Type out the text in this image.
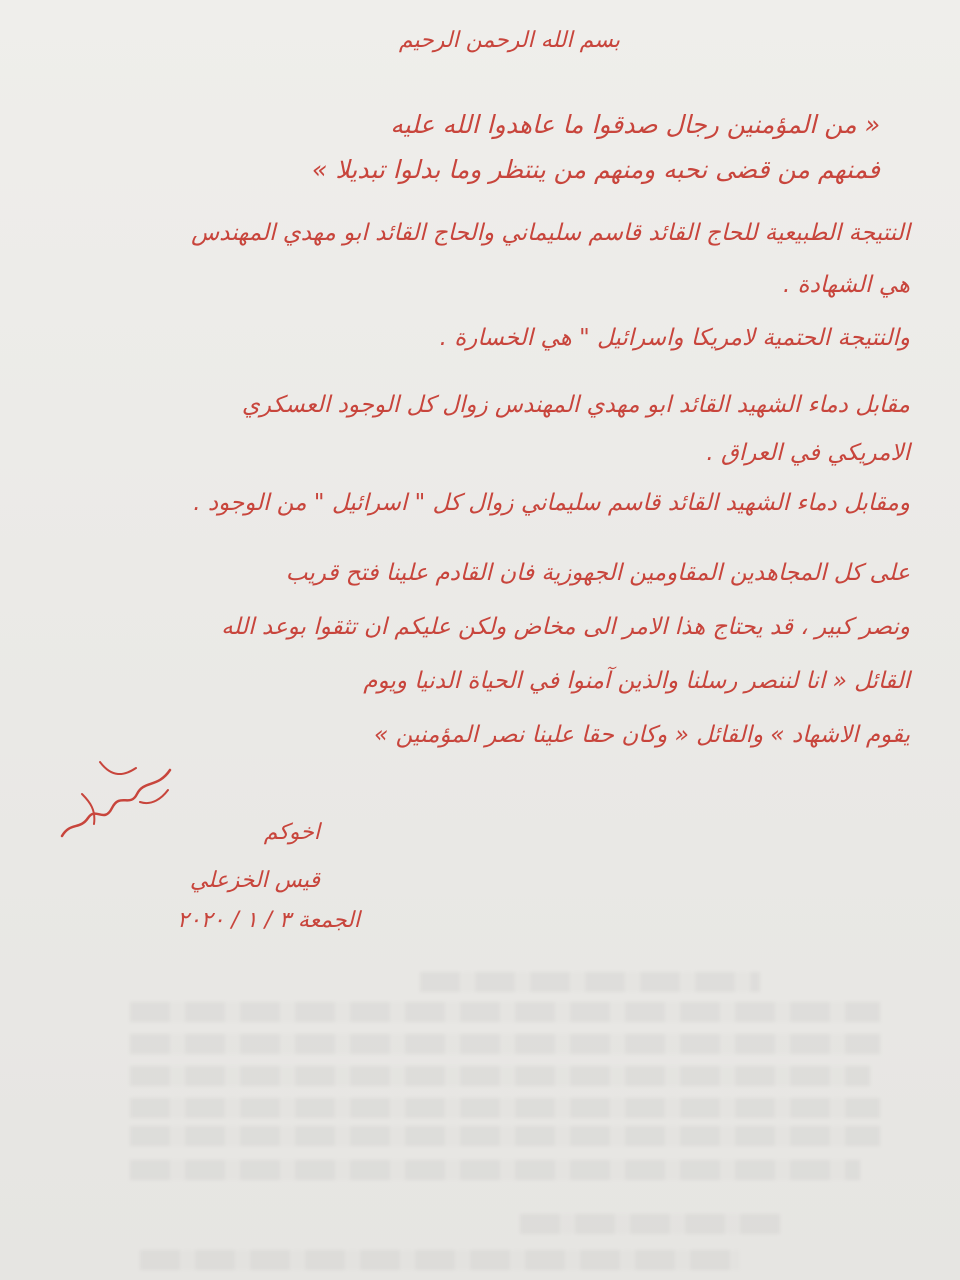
بسم الله الرحمن الرحيم
« من المؤمنين رجال صدقوا ما عاهدوا الله عليه
فمنهم من قضى نحبه ومنهم من ينتظر وما بدلوا تبديلا »
النتيجة الطبيعية للحاج القائد قاسم سليماني والحاج القائد ابو مهدي المهندس
هي الشهادة .
والنتيجة الحتمية لامريكا واسرائيل " هي الخسارة .
مقابل دماء الشهيد القائد ابو مهدي المهندس زوال كل الوجود العسكري
الامريكي في العراق .
ومقابل دماء الشهيد القائد قاسم سليماني زوال كل " اسرائيل " من الوجود .
على كل المجاهدين المقاومين الجهوزية فان القادم علينا فتح قريب
ونصر كبير ، قد يحتاج هذا الامر الى مخاض ولكن عليكم ان تثقوا بوعد الله
القائل « انا لننصر رسلنا والذين آمنوا في الحياة الدنيا ويوم
يقوم الاشهاد » والقائل « وكان حقا علينا نصر المؤمنين »
اخوكم
قيس الخزعلي
الجمعة ٣ / ١ / ٢٠٢٠
